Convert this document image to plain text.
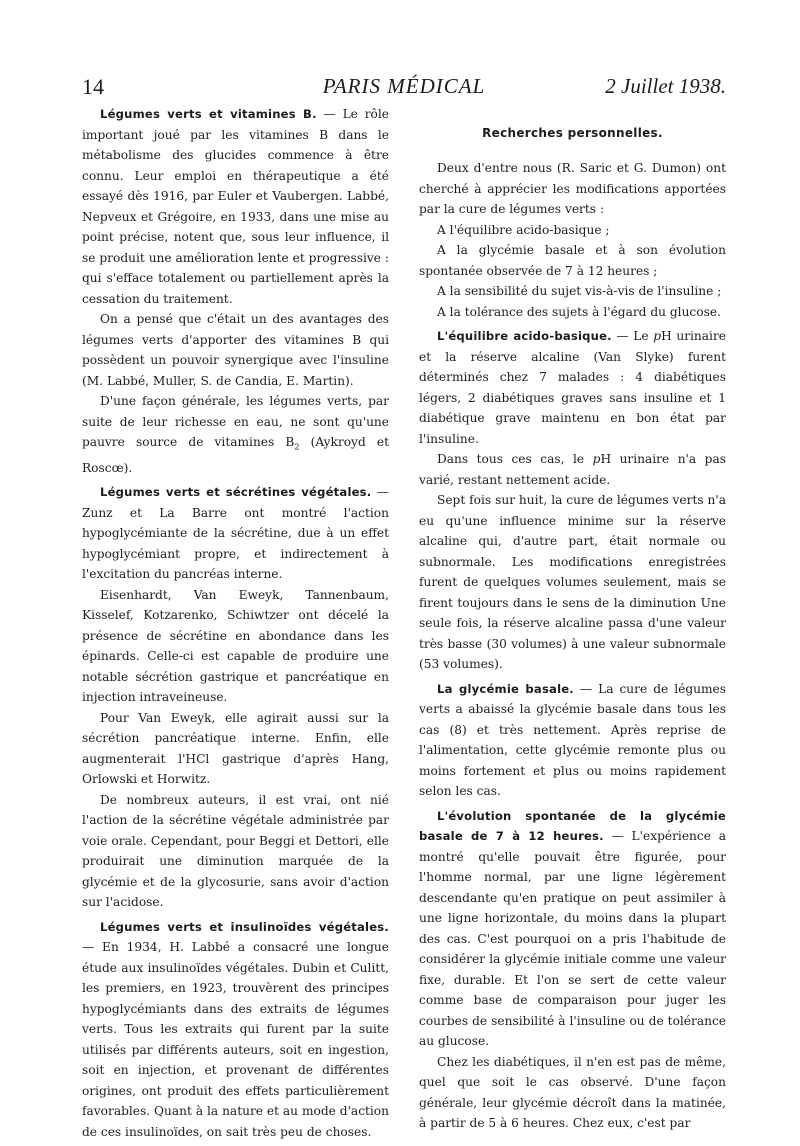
14	PARIS MÉDICAL	2 Juillet 1938.

Légumes verts et vitamines B. — Le rôle important joué par les vitamines B dans le métabolisme des glucides commence à être connu. Leur emploi en thérapeutique a été essayé dès 1916, par Euler et Vaubergen. Labbé, Nepveux et Grégoire, en 1933, dans une mise au point précise, notent que, sous leur influence, il se produit une amélioration lente et progressive : qui s'efface totalement ou partiellement après la cessation du traitement.

On a pensé que c'était un des avantages des légumes verts d'apporter des vitamines B qui possèdent un pouvoir synergique avec l'insuline (M. Labbé, Muller, S. de Candia, E. Martin).

D'une façon générale, les légumes verts, par suite de leur richesse en eau, ne sont qu'une pauvre source de vitamines $B_2$ (Aykroyd et Roscœ).

Légumes verts et sécrétines végétales. — Zunz et La Barre ont montré l'action hypoglycémiante de la sécrétine, due à un effet hypoglycémiant propre, et indirectement à l'excitation du pancréas interne.

Eisenhardt, Van Eweyk, Tannenbaum, Kisselef, Kotzarenko, Schiwtzer ont décelé la présence de sécrétine en abondance dans les épinards. Celle-ci est capable de produire une notable sécrétion gastrique et pancréatique en injection intraveineuse.

Pour Van Eweyk, elle agirait aussi sur la sécrétion pancréatique interne. Enfin, elle augmenterait l'HCl gastrique d'après Hang, Orlowski et Horwitz.

De nombreux auteurs, il est vrai, ont nié l'action de la sécrétine végétale administrée par voie orale. Cependant, pour Beggi et Dettori, elle produirait une diminution marquée de la glycémie et de la glycosurie, sans avoir d'action sur l'acidose.

Légumes verts et insulinoïdes végétales. — En 1934, H. Labbé a consacré une longue étude aux insulinoïdes végétales. Dubin et Culitt, les premiers, en 1923, trouvèrent des principes hypoglycémiants dans des extraits de légumes verts. Tous les extraits qui furent par la suite utilisés par différents auteurs, soit en ingestion, soit en injection, et provenant de différentes origines, ont produit des effets particulièrement favorables. Quant à la nature et au mode d'action de ces insulinoïdes, on sait très peu de choses.

Recherches personnelles.

Deux d'entre nous (R. Saric et G. Dumon) ont cherché à apprécier les modifications apportées par la cure de légumes verts :

A l'équilibre acido-basique ;

A la glycémie basale et à son évolution spontanée observée de 7 à 12 heures ;

A la sensibilité du sujet vis-à-vis de l'insuline ;

A la tolérance des sujets à l'égard du glucose.

L'équilibre acido-basique. — Le pH urinaire et la réserve alcaline (Van Slyke) furent déterminés chez 7 malades : 4 diabétiques légers, 2 diabétiques graves sans insuline et 1 diabétique grave maintenu en bon état par l'insuline.

Dans tous ces cas, le pH urinaire n'a pas varié, restant nettement acide.

Sept fois sur huit, la cure de légumes verts n'a eu qu'une influence minime sur la réserve alcaline qui, d'autre part, était normale ou subnormale. Les modifications enregistrées furent de quelques volumes seulement, mais se firent toujours dans le sens de la diminution Une seule fois, la réserve alcaline passa d'une valeur très basse (30 volumes) à une valeur subnormale (53 volumes).

La glycémie basale. — La cure de légumes verts a abaissé la glycémie basale dans tous les cas (8) et très nettement. Après reprise de l'alimentation, cette glycémie remonte plus ou moins fortement et plus ou moins rapidement selon les cas.

L'évolution spontanée de la glycémie basale de 7 à 12 heures. — L'expérience a montré qu'elle pouvait être figurée, pour l'homme normal, par une ligne légèrement descendante qu'en pratique on peut assimiler à une ligne horizontale, du moins dans la plupart des cas. C'est pourquoi on a pris l'habitude de considérer la glycémie initiale comme une valeur fixe, durable. Et l'on se sert de cette valeur comme base de comparaison pour juger les courbes de sensibilité à l'insuline ou de tolérance au glucose.

Chez les diabétiques, il n'en est pas de même, quel que soit le cas observé. D'une façon générale, leur glycémie décroît dans la matinée, à partir de 5 à 6 heures. Chez eux, c'est par
